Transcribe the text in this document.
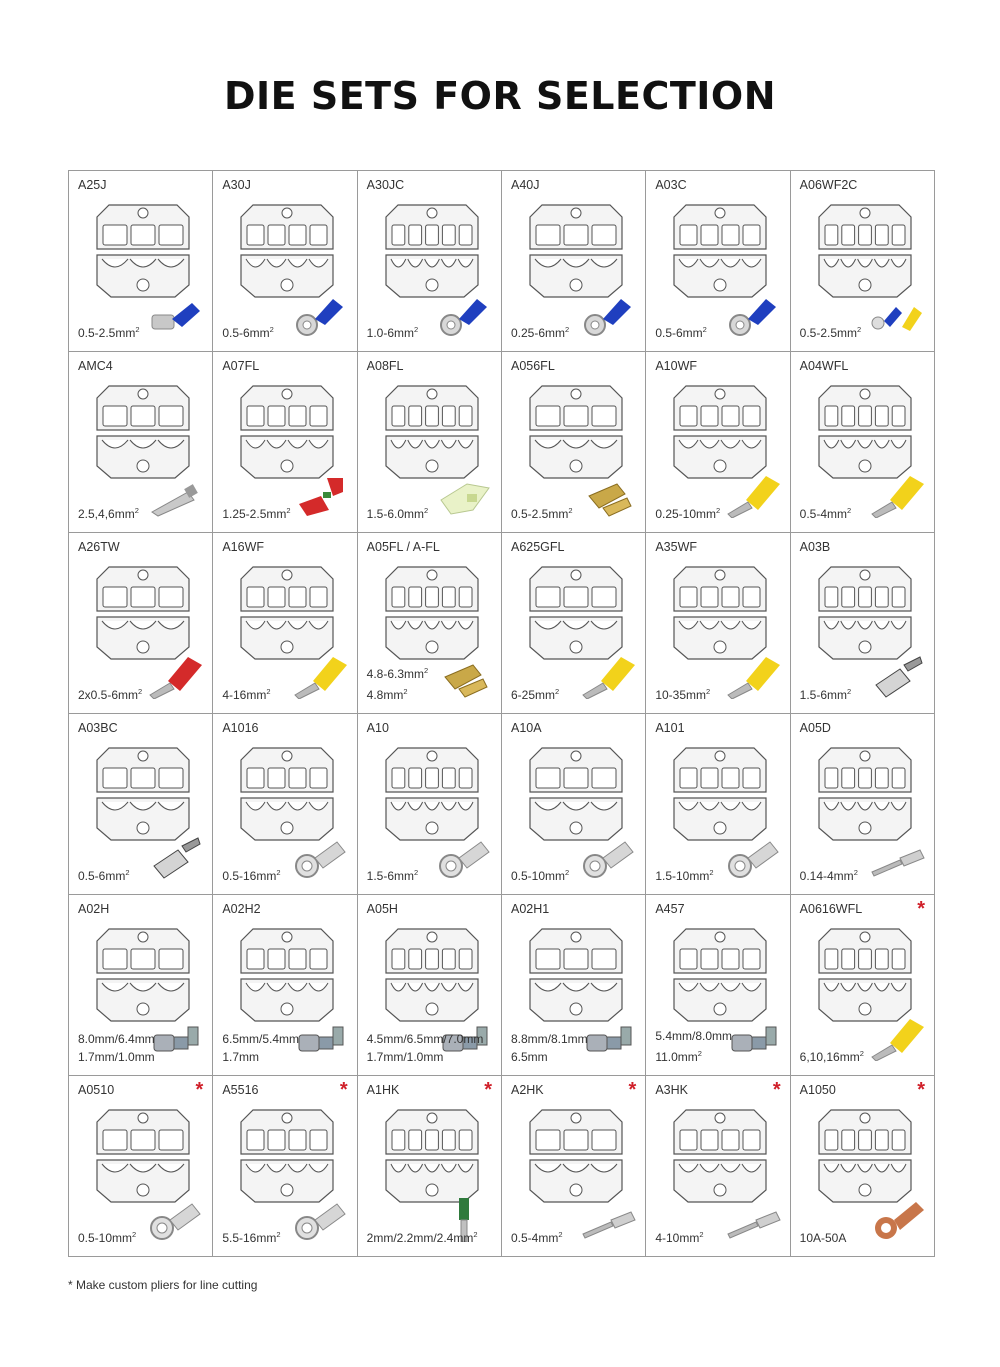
DIE SETS FOR SELECTION
A25J
$0.5-2.5mm^2$
A30J
$0.5-6mm^2$
A30JC
$1.0-6mm^2$
A40J
$0.25-6mm^2$
A03C
$0.5-6mm^2$
A06WF2C
$0.5-2.5mm^2$
AMC4
$2.5,4,6mm^2$
A07FL
$1.25-2.5mm^2$
A08FL
$1.5-6.0mm^2$
A056FL
$0.5-2.5mm^2$
A10WF
$0.25-10mm^2$
A04WFL
$0.5-4mm^2$
A26TW
$2x0.5-6mm^2$
A16WF
$4-16mm^2$
A05FL / A-FL
$4.8-6.3mm^2$
$4.8mm^2$
A625GFL
$6-25mm^2$
A35WF
$10-35mm^2$
A03B
$1.5-6mm^2$
A03BC
$0.5-6mm^2$
A1016
$0.5-16mm^2$
A10
$1.5-6mm^2$
A10A
$0.5-10mm^2$
A101
$1.5-10mm^2$
A05D
$0.14-4mm^2$
A02H
8.0mm/6.4mm
1.7mm/1.0mm
A02H2
6.5mm/5.4mm
1.7mm
A05H
4.5mm/6.5mm/7.0mm
1.7mm/1.0mm
A02H1
8.8mm/8.1mm
6.5mm
A457
5.4mm/8.0mm
$11.0mm^2$
A0616WFL	*
$6,10,16mm^2$
A0510	*
$0.5-10mm^2$
A5516	*
$5.5-16mm^2$
A1HK	*
$2mm/2.2mm/2.4mm^2$
A2HK	*
$0.5-4mm^2$
A3HK	*
$4-10mm^2$
A1050	*
10A-50A

* Make custom pliers for line cutting
